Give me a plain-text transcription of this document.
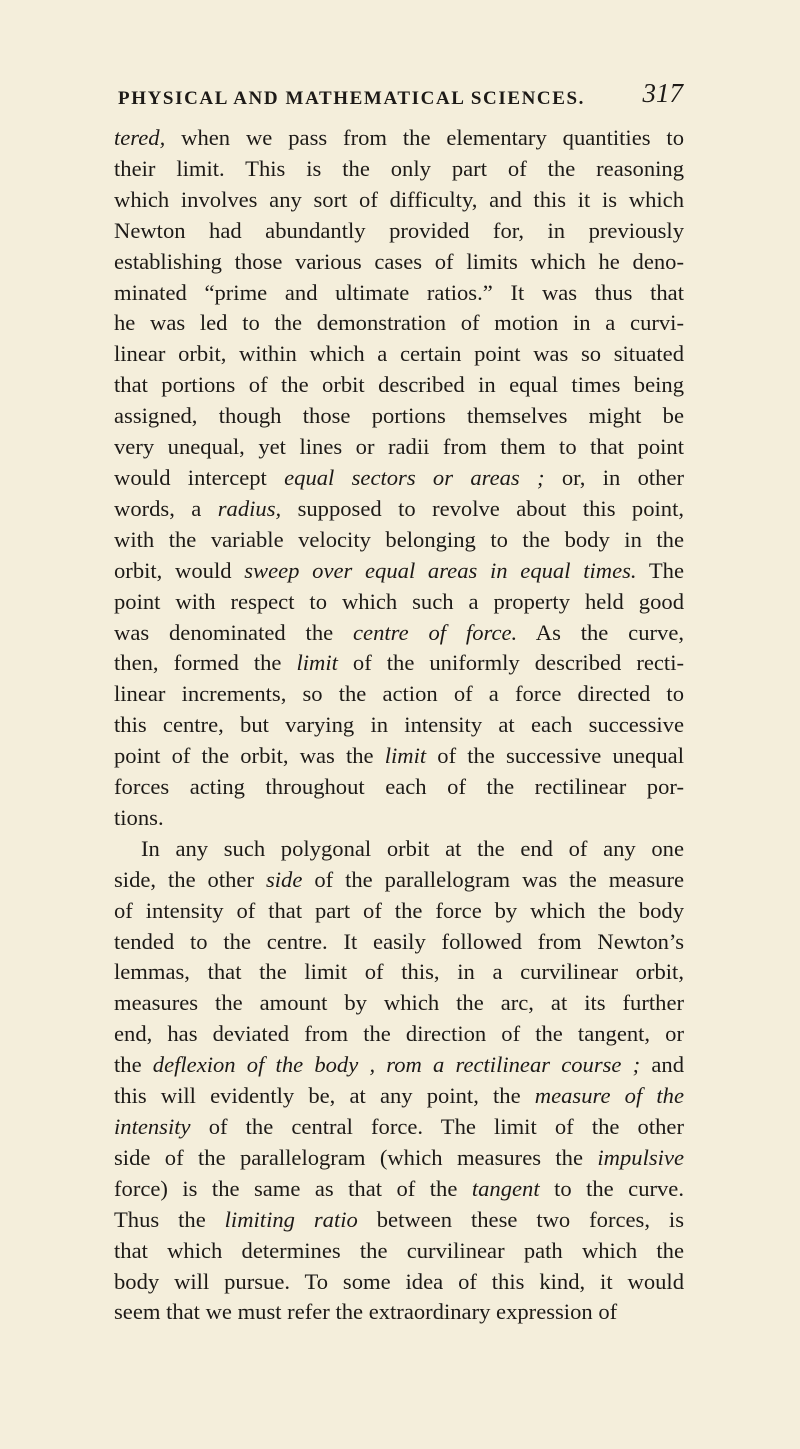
PHYSICAL AND MATHEMATICAL SCIENCES. 317
tered, when we pass from the elementary quantities to
their limit. This is the only part of the reasoning
which involves any sort of difficulty, and this it is which
Newton had abundantly provided for, in previously
establishing those various cases of limits which he deno-
minated “prime and ultimate ratios.” It was thus that
he was led to the demonstration of motion in a curvi-
linear orbit, within which a certain point was so situated
that portions of the orbit described in equal times being
assigned, though those portions themselves might be
very unequal, yet lines or radii from them to that point
would intercept equal sectors or areas ; or, in other
words, a radius, supposed to revolve about this point,
with the variable velocity belonging to the body in the
orbit, would sweep over equal areas in equal times. The
point with respect to which such a property held good
was denominated the centre of force. As the curve,
then, formed the limit of the uniformly described recti-
linear increments, so the action of a force directed to
this centre, but varying in intensity at each successive
point of the orbit, was the limit of the successive unequal
forces acting throughout each of the rectilinear por-
tions.
In any such polygonal orbit at the end of any one
side, the other side of the parallelogram was the measure
of intensity of that part of the force by which the body
tended to the centre. It easily followed from Newton’s
lemmas, that the limit of this, in a curvilinear orbit,
measures the amount by which the arc, at its further
end, has deviated from the direction of the tangent, or
the deflexion of the body , rom a rectilinear course ; and
this will evidently be, at any point, the measure of the
intensity of the central force. The limit of the other
side of the parallelogram (which measures the impulsive
force) is the same as that of the tangent to the curve.
Thus the limiting ratio between these two forces, is
that which determines the curvilinear path which the
body will pursue. To some idea of this kind, it would
seem that we must refer the extraordinary expression of
